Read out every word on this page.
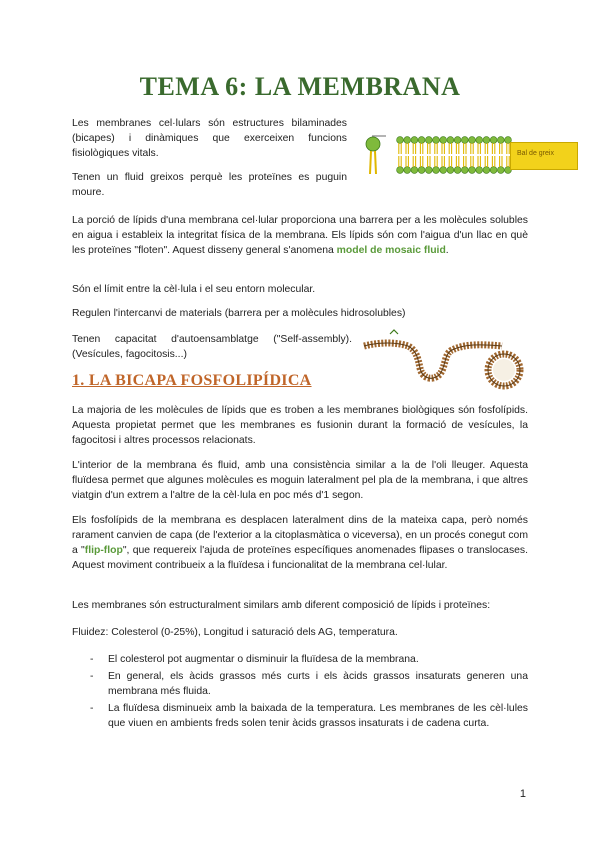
TEMA 6: LA MEMBRANA

Les membranes cel·lulars són estructures bilaminades (bicapes) i dinàmiques que exerceixen funcions fisiològiques vitals.

Tenen un fluid greixos perquè les proteïnes es puguin moure.

Bal de greix

La porció de lípids d'una membrana cel·lular proporciona una barrera per a les molècules solubles en aigua i estableix la integritat física de la membrana. Els lípids són com l'aigua d'un llac en què les proteïnes "floten". Aquest disseny general s'anomena model de mosaic fluid.

Són el límit entre la cèl·lula i el seu entorn molecular.

Regulen l'intercanvi de materials (barrera per a molècules hidrosolubles)

Tenen capacitat d'autoensamblatge ("Self-assembly). (Vesícules, fagocitosis...)

1. LA BICAPA FOSFOLIPÍDICA

La majoria de les molècules de lípids que es troben a les membranes biològiques són fosfolípids. Aquesta propietat permet que les membranes es fusionin durant la formació de vesícules, la fagocitosi i altres processos relacionats.

L'interior de la membrana és fluid, amb una consistència similar a la de l'oli lleuger. Aquesta fluïdesa permet que algunes molècules es moguin lateralment pel pla de la membrana, i que altres viatgin d'un extrem a l'altre de la cèl·lula en poc més d'1 segon.

Els fosfolípids de la membrana es desplacen lateralment dins de la mateixa capa, però només rarament canvien de capa (de l'exterior a la citoplasmàtica o viceversa), en un procés conegut com a "flip-flop", que requereix l'ajuda de proteïnes específiques anomenades flipases o translocases. Aquest moviment contribueix a la fluïdesa i funcionalitat de la membrana cel·lular.

Les membranes són estructuralment similars amb diferent composició de lípids i proteïnes:

Fluidez: Colesterol (0-25%), Longitud i saturació dels AG, temperatura.

- El colesterol pot augmentar o disminuir la fluïdesa de la membrana.
- En general, els àcids grassos més curts i els àcids grassos insaturats generen una membrana més fluida.
- La fluïdesa disminueix amb la baixada de la temperatura. Les membranes de les cèl·lules que viuen en ambients freds solen tenir àcids grassos insaturats i de cadena curta.
1
